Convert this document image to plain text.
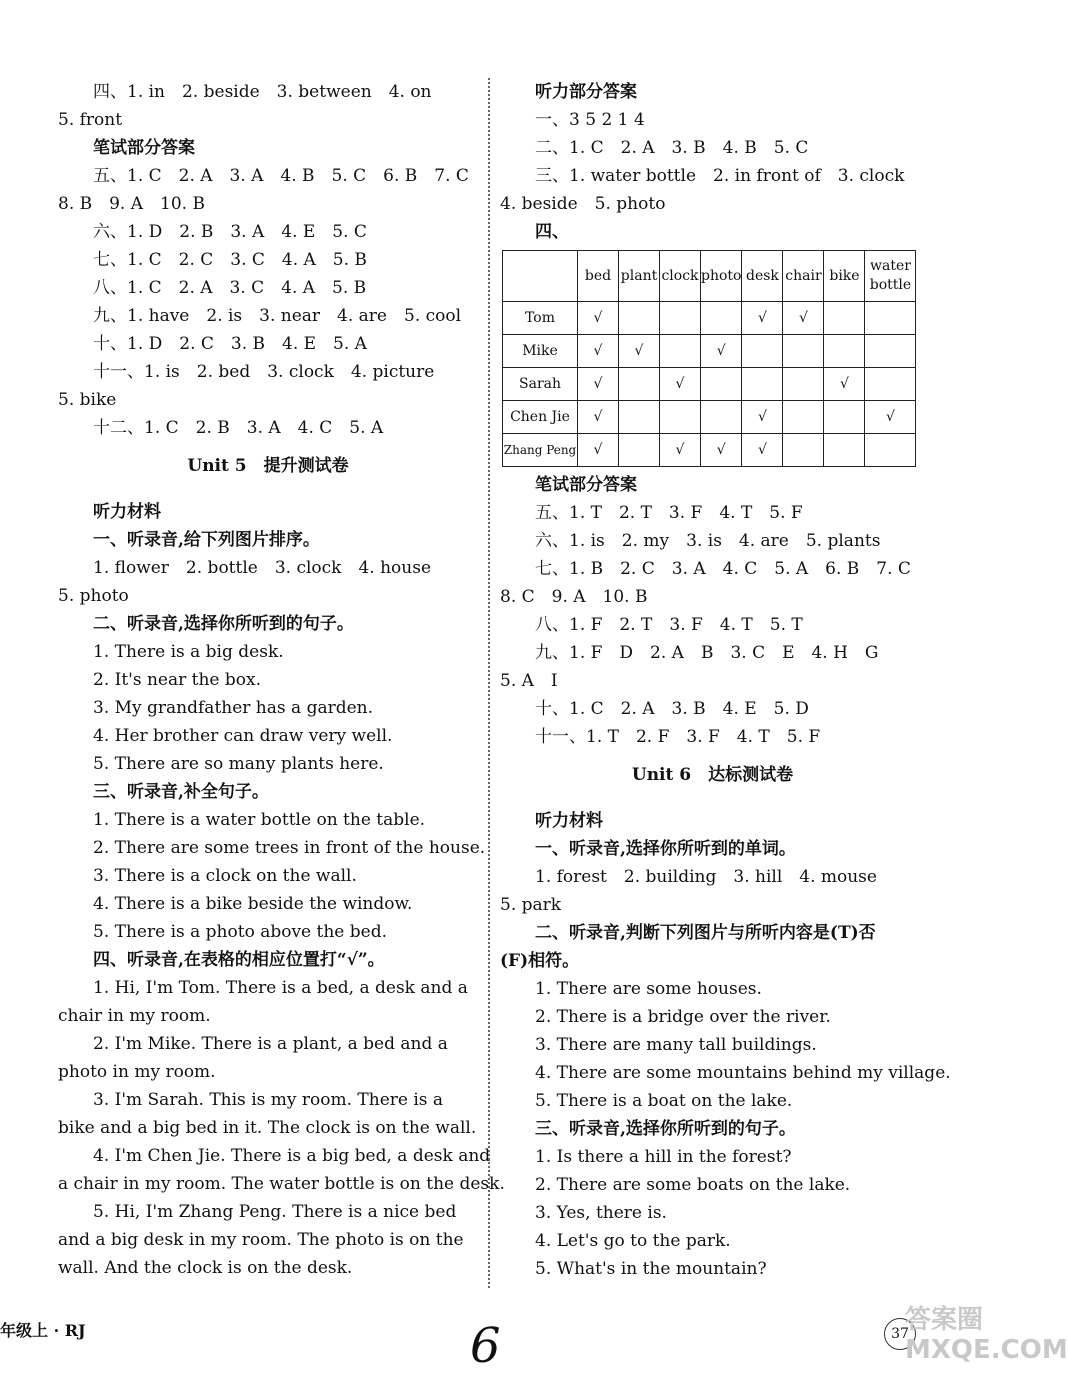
四、1. in　2. beside　3. between　4. on
5. front
笔试部分答案
五、1. C　2. A　3. A　4. B　5. C　6. B　7. C
8. B　9. A　10. B
六、1. D　2. B　3. A　4. E　5. C
七、1. C　2. C　3. C　4. A　5. B
八、1. C　2. A　3. C　4. A　5. B
九、1. have　2. is　3. near　4. are　5. cool
十、1. D　2. C　3. B　4. E　5. A
十一、1. is　2. bed　3. clock　4. picture
5. bike
十二、1. C　2. B　3. A　4. C　5. A
Unit 5　提升测试卷
听力材料
一、听录音,给下列图片排序。
1. flower　2. bottle　3. clock　4. house
5. photo
二、听录音,选择你所听到的句子。
1. There is a big desk.
2. It's near the box.
3. My grandfather has a garden.
4. Her brother can draw very well.
5. There are so many plants here.
三、听录音,补全句子。
1. There is a water bottle on the table.
2. There are some trees in front of the house.
3. There is a clock on the wall.
4. There is a bike beside the window.
5. There is a photo above the bed.
四、听录音,在表格的相应位置打“√”。
1. Hi, I'm Tom. There is a bed, a desk and a
chair in my room.
2. I'm Mike. There is a plant, a bed and a
photo in my room.
3. I'm Sarah. This is my room. There is a
bike and a big bed in it. The clock is on the wall.
4. I'm Chen Jie. There is a big bed, a desk and
a chair in my room. The water bottle is on the desk.
5. Hi, I'm Zhang Peng. There is a nice bed
and a big desk in my room. The photo is on the
wall. And the clock is on the desk.
听力部分答案
一、3 5 2 1 4
二、1. C　2. A　3. B　4. B　5. C
三、1. water bottle　2. in front of　3. clock
4. beside　5. photo
四、
	bed	plant	clock	photo	desk	chair	bike	water bottle
Tom	√				√	√		
Mike	√	√		√				
Sarah	√		√				√	
Chen Jie	√				√			√
Zhang Peng	√		√	√	√			
笔试部分答案
五、1. T　2. T　3. F　4. T　5. F
六、1. is　2. my　3. is　4. are　5. plants
七、1. B　2. C　3. A　4. C　5. A　6. B　7. C
8. C　9. A　10. B
八、1. F　2. T　3. F　4. T　5. T
九、1. F　D　2. A　B　3. C　E　4. H　G
5. A　I
十、1. C　2. A　3. B　4. E　5. D
十一、1. T　2. F　3. F　4. T　5. F
Unit 6　达标测试卷
听力材料
一、听录音,选择你所听到的单词。
1. forest　2. building　3. hill　4. mouse
5. park
二、听录音,判断下列图片与所听内容是(T)否
(F)相符。
1. There are some houses.
2. There is a bridge over the river.
3. There are many tall buildings.
4. There are some mountains behind my village.
5. There is a boat on the lake.
三、听录音,选择你所听到的句子。
1. Is there a hill in the forest?
2. There are some boats on the lake.
3. Yes, there is.
4. Let's go to the park.
5. What's in the mountain?
年级上 · RJ	6	37
答案圈
MXQE.COM
